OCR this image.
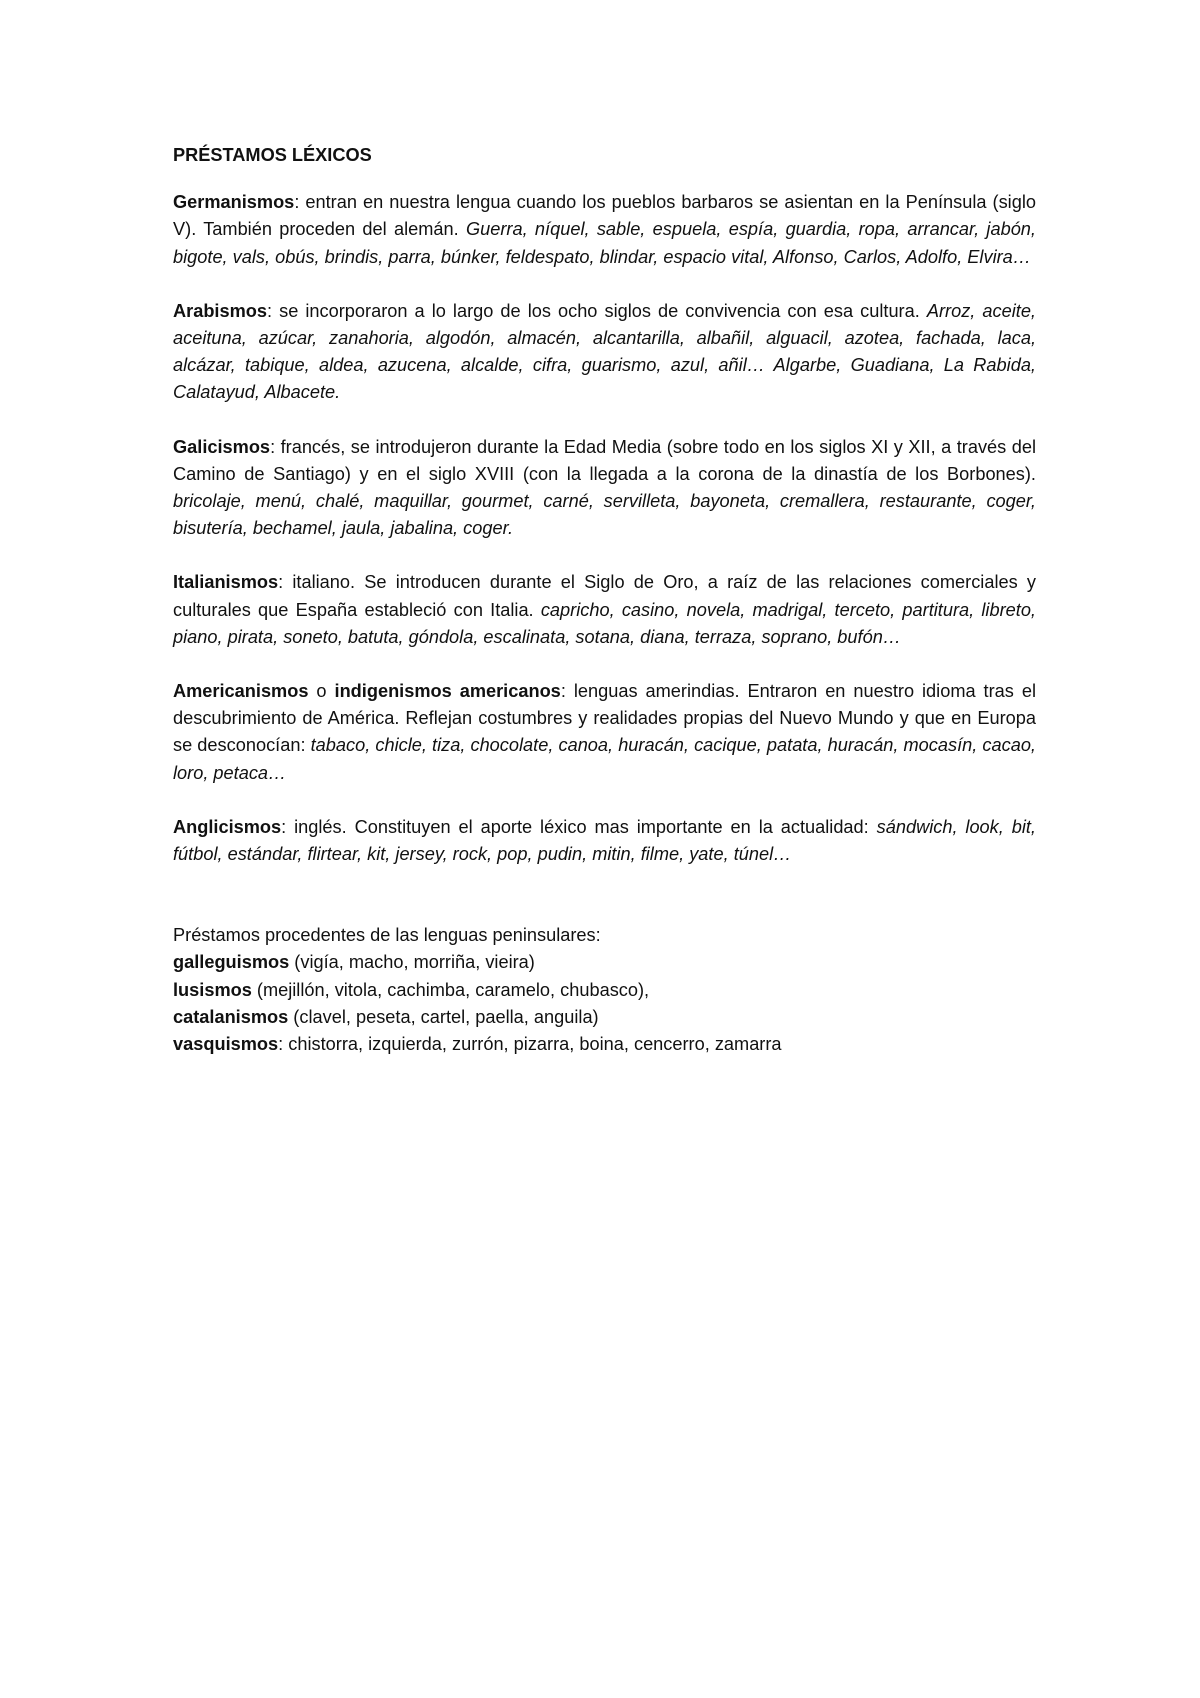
PRÉSTAMOS LÉXICOS

Germanismos: entran en nuestra lengua cuando los pueblos barbaros se asientan en la Península (siglo V). También proceden del alemán. Guerra, níquel, sable, espuela, espía, guardia, ropa, arrancar, jabón, bigote, vals, obús, brindis, parra, búnker, feldespato, blindar, espacio vital, Alfonso, Carlos, Adolfo, Elvira…

Arabismos: se incorporaron a lo largo de los ocho siglos de convivencia con esa cultura. Arroz, aceite, aceituna, azúcar, zanahoria, algodón, almacén, alcantarilla, albañil, alguacil, azotea, fachada, laca, alcázar, tabique, aldea, azucena, alcalde, cifra, guarismo, azul, añil… Algarbe, Guadiana, La Rabida, Calatayud, Albacete.

Galicismos: francés, se introdujeron durante la Edad Media (sobre todo en los siglos XI y XII, a través del Camino de Santiago) y en el siglo XVIII (con la llegada a la corona de la dinastía de los Borbones). bricolaje, menú, chalé, maquillar, gourmet, carné, servilleta, bayoneta, cremallera, restaurante, coger, bisutería, bechamel, jaula, jabalina, coger.

Italianismos: italiano. Se introducen durante el Siglo de Oro, a raíz de las relaciones comerciales y culturales que España estableció con Italia. capricho, casino, novela, madrigal, terceto, partitura, libreto, piano, pirata, soneto, batuta, góndola, escalinata, sotana, diana, terraza, soprano, bufón…

Americanismos o indigenismos americanos: lenguas amerindias. Entraron en nuestro idioma tras el descubrimiento de América. Reflejan costumbres y realidades propias del Nuevo Mundo y que en Europa se desconocían: tabaco, chicle, tiza, chocolate, canoa, huracán, cacique, patata, huracán, mocasín, cacao, loro, petaca…

Anglicismos: inglés. Constituyen el aporte léxico mas importante en la actualidad: sándwich, look, bit, fútbol, estándar, flirtear, kit, jersey, rock, pop, pudin, mitin, filme, yate, túnel…

Préstamos procedentes de las lenguas peninsulares:

galleguismos (vigía, macho, morriña, vieira)

lusismos (mejillón, vitola, cachimba, caramelo, chubasco),

catalanismos (clavel, peseta, cartel, paella, anguila)

vasquismos: chistorra, izquierda, zurrón, pizarra, boina, cencerro, zamarra
